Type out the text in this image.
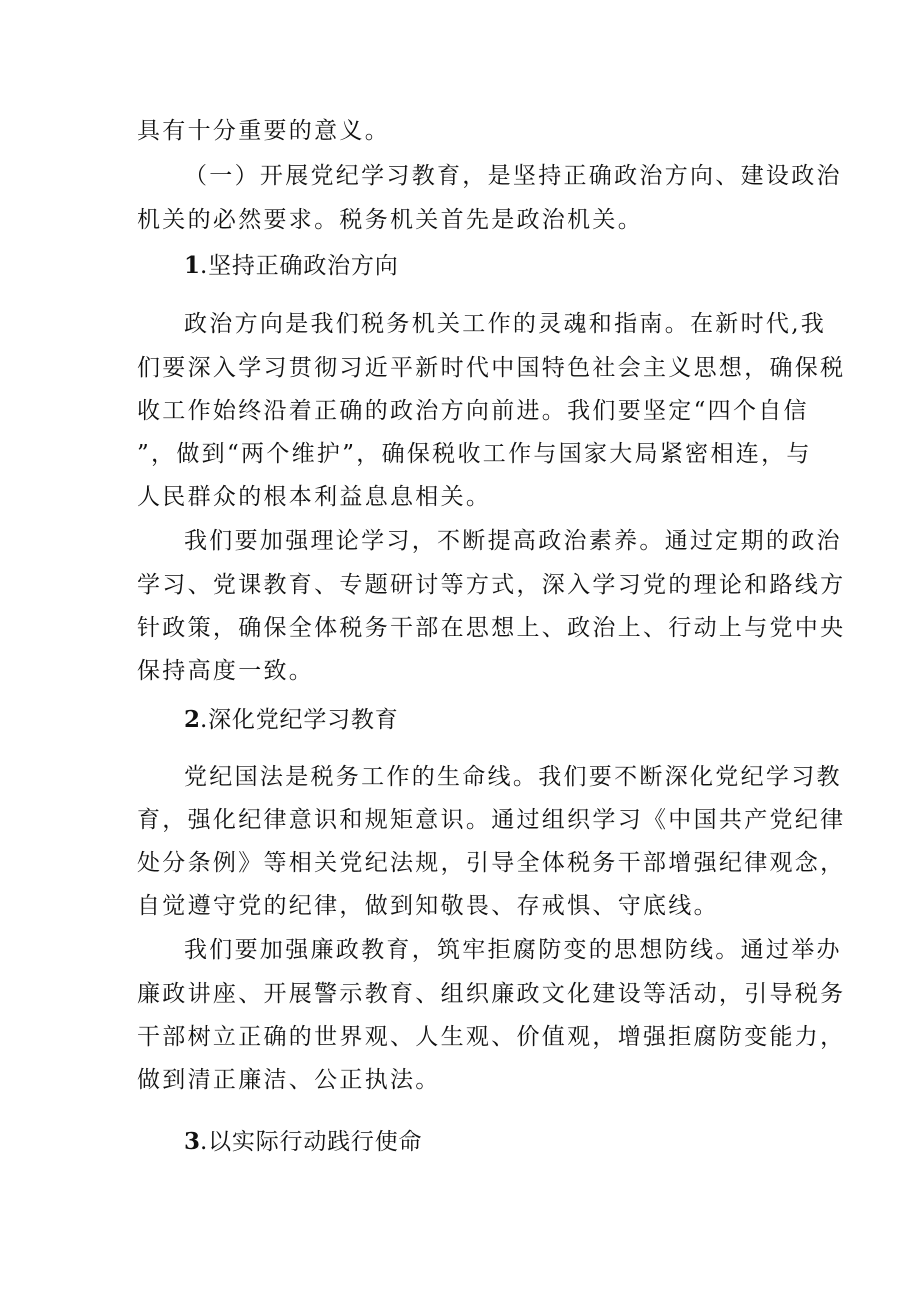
具有十分重要的意义。
（一）开展党纪学习教育，是坚持正确政治方向、建设政治
机关的必然要求。税务机关首先是政治机关。
1.坚持正确政治方向
政治方向是我们税务机关工作的灵魂和指南。在新时代,我
们要深入学习贯彻习近平新时代中国特色社会主义思想，确保税
收工作始终沿着正确的政治方向前进。我们要坚定“四个自信
”，做到“两个维护”，确保税收工作与国家大局紧密相连，与
人民群众的根本利益息息相关。
我们要加强理论学习，不断提高政治素养。通过定期的政治
学习、党课教育、专题研讨等方式，深入学习党的理论和路线方
针政策，确保全体税务干部在思想上、政治上、行动上与党中央
保持高度一致。
2.深化党纪学习教育
党纪国法是税务工作的生命线。我们要不断深化党纪学习教
育，强化纪律意识和规矩意识。通过组织学习《中国共产党纪律
处分条例》等相关党纪法规，引导全体税务干部增强纪律观念，
自觉遵守党的纪律，做到知敬畏、存戒惧、守底线。
我们要加强廉政教育，筑牢拒腐防变的思想防线。通过举办
廉政讲座、开展警示教育、组织廉政文化建设等活动，引导税务
干部树立正确的世界观、人生观、价值观，增强拒腐防变能力，
做到清正廉洁、公正执法。
3.以实际行动践行使命
